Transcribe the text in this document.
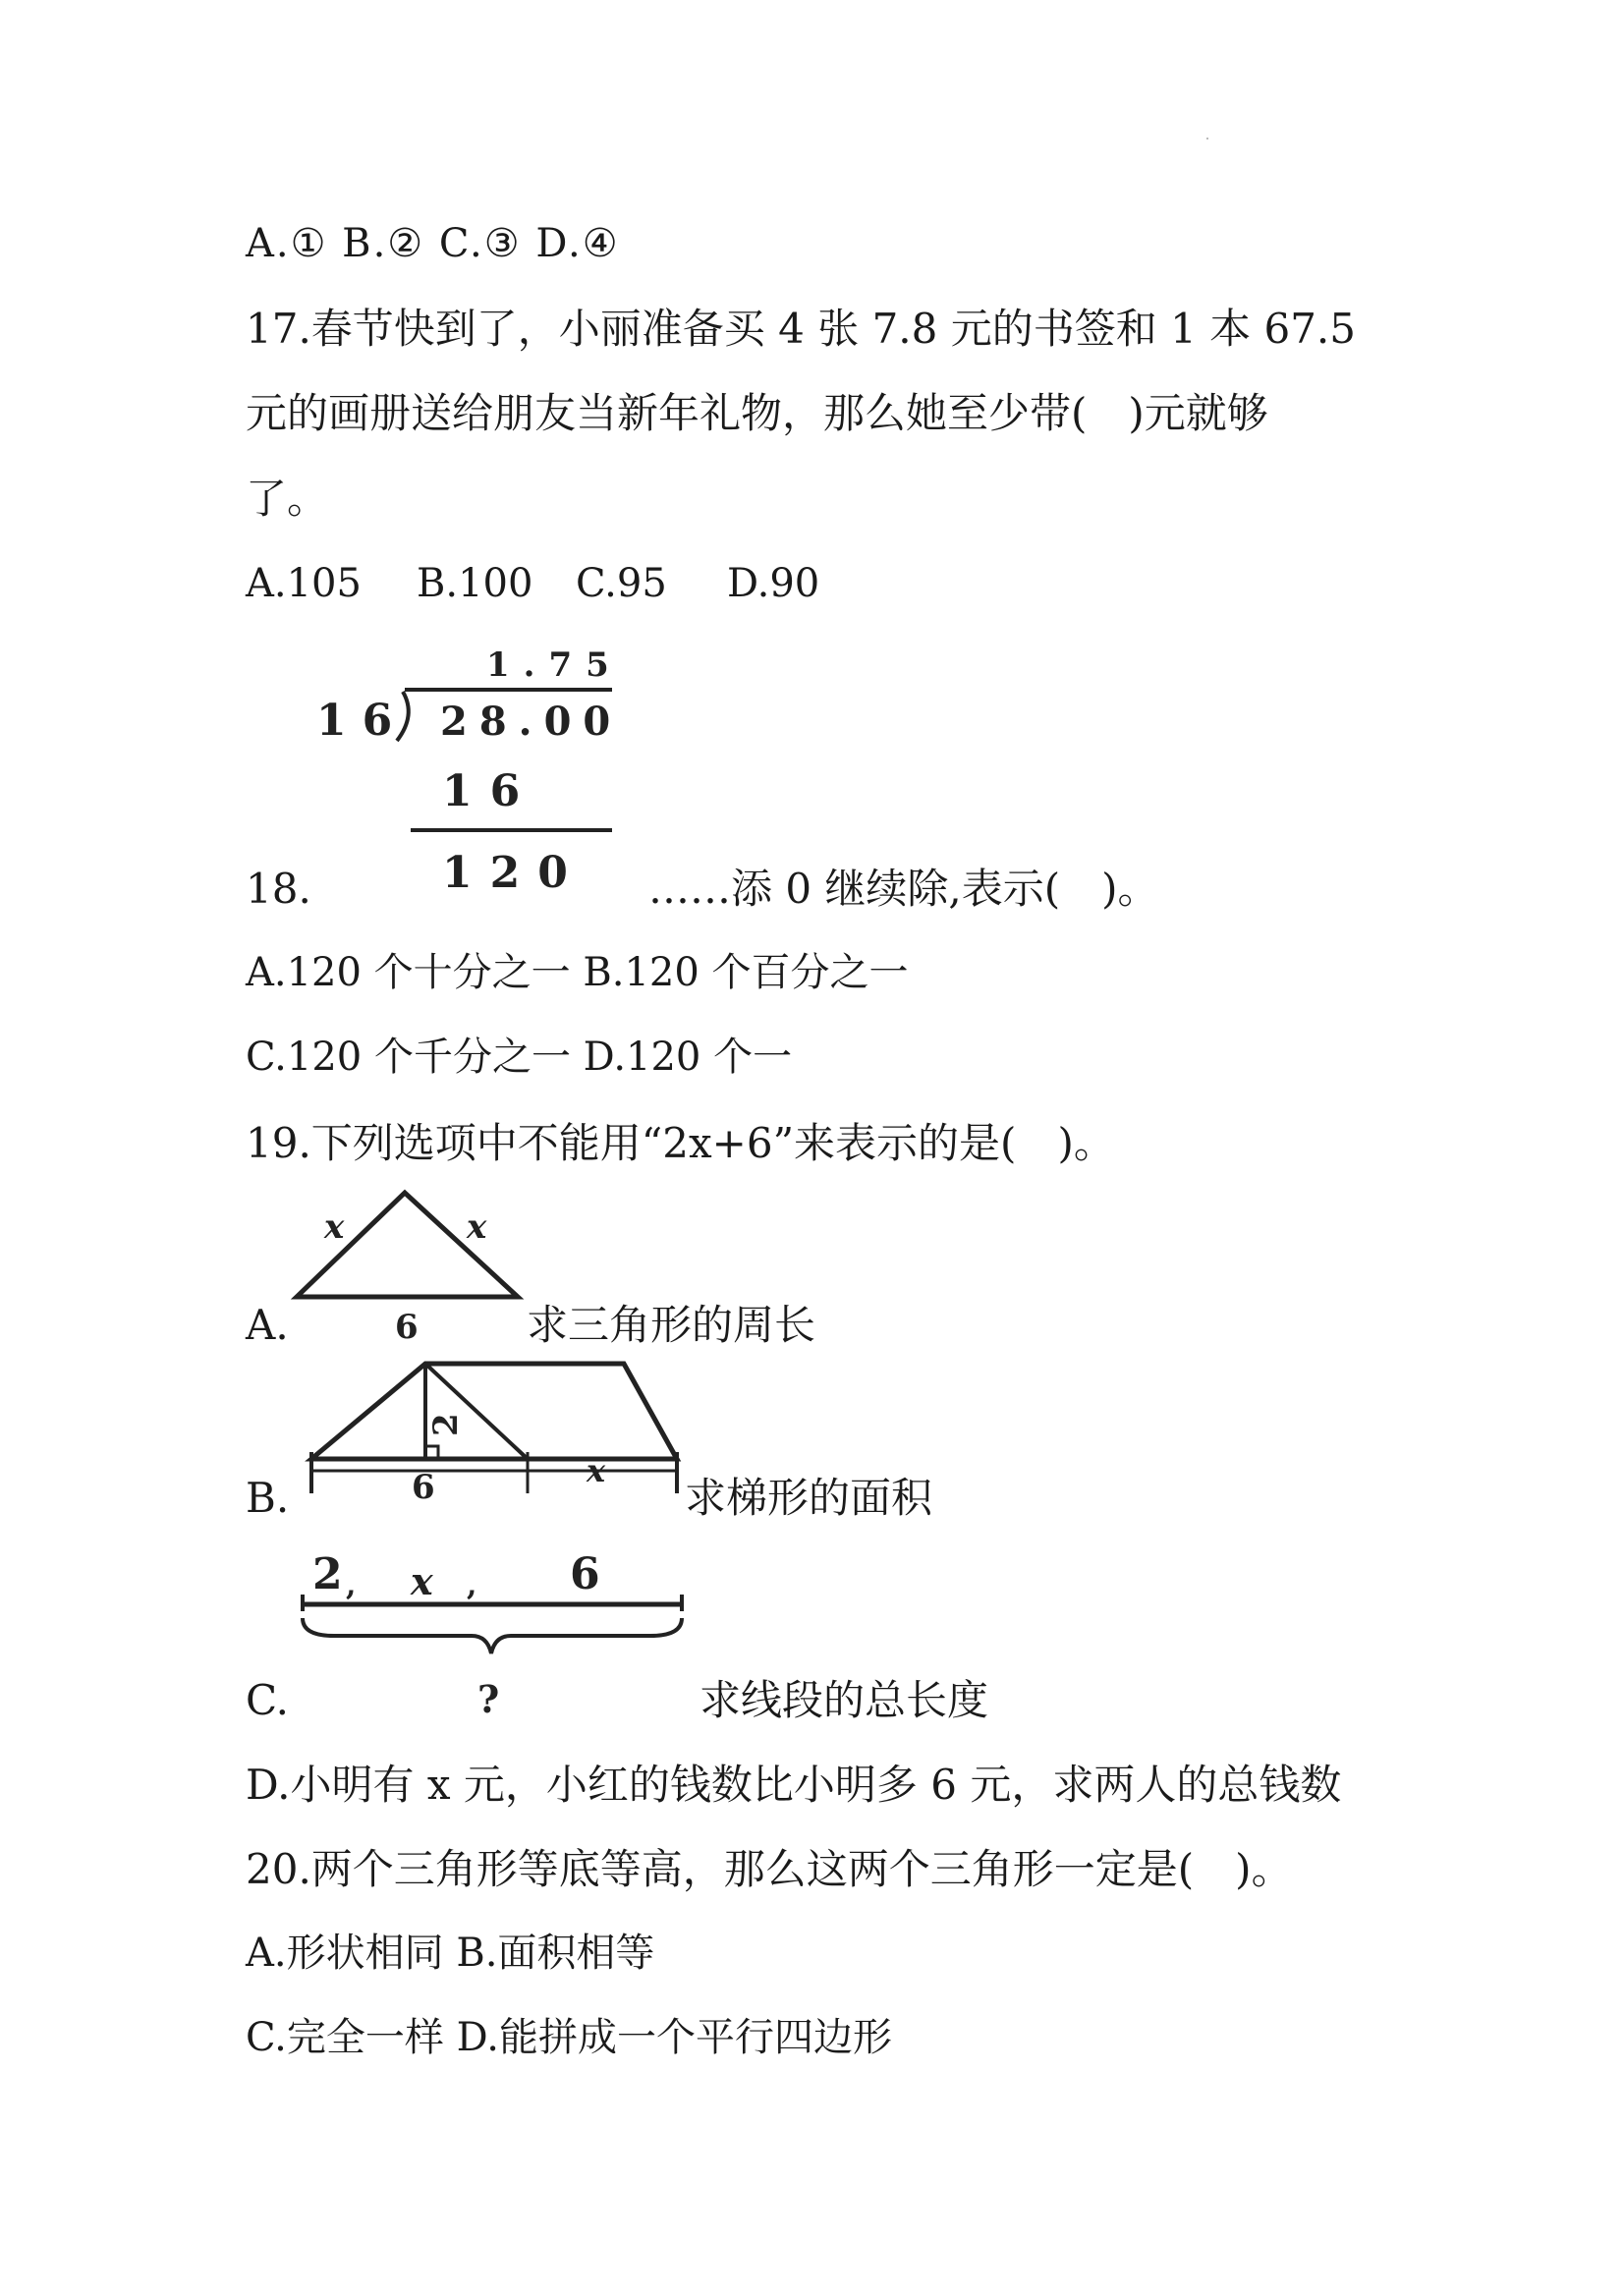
A.① B.② C.③ D.④
17.春节快到了，小丽准备买 4 张 7.8 元的书签和 1 本 67.5
元的画册送给朋友当新年礼物，那么她至少带(　)元就够
了。
A.105 B.100 C.95 D.90
1.75
16 28.00
16
120
18.	……添 0 继续除,表示(　)。
A.120 个十分之一 B.120 个百分之一
C.120 个千分之一 D.120 个一
19.下列选项中不能用“2x+6”来表示的是(　)。
x	x
6
A.	求三角形的周长
2
6	x
B.	求梯形的面积
2 , x , 6
?
C.	求线段的总长度
D.小明有 x 元，小红的钱数比小明多 6 元，求两人的总钱数
20.两个三角形等底等高，那么这两个三角形一定是(　)。
A.形状相同 B.面积相等
C.完全一样 D.能拼成一个平行四边形
